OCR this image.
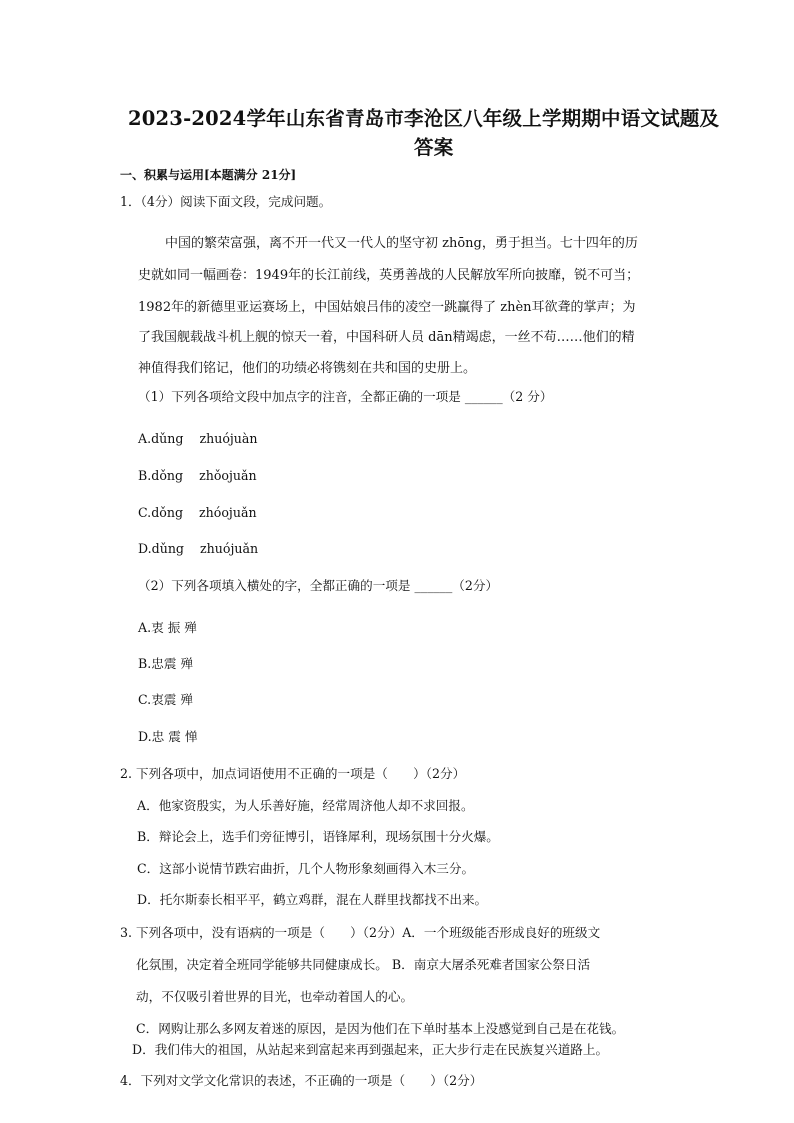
2023-2024学年山东省青岛市李沧区八年级上学期期中语文试题及
答案
一、积累与运用[本题满分 21分]
1．（4分）阅读下面文段，完成问题。
中国的繁荣富强，离不开一代又一代人的坚守初 zhōng，勇于担当。七十四年的历
史就如同一幅画卷：1949年的长江前线，英勇善战的人民解放军所向披靡，锐不可当；
1982年的新德里亚运赛场上，中国姑娘吕伟的凌空一跳赢得了 zhèn耳欲聋的掌声；为
了我国舰载战斗机上舰的惊天一着，中国科研人员 dān精竭虑，一丝不苟……他们的精
神值得我们铭记，他们的功绩必将镌刻在共和国的史册上。
（1）下列各项给文段中加点字的注音，全都正确的一项是 ______（2 分）
A.dǔng    zhuójuàn
B.dǒng    zhǒojuǎn
C.dǒng    zhóojuǎn
D.dǔng    zhuójuǎn
（2）下列各项填入横处的字，全都正确的一项是 ______（2分）
A.衷 振 殚
B.忠震 殚
C.衷震 殚
D.忠 震 惮
2. 下列各项中，加点词语使用不正确的一项是（　　）（2分）
A．他家资殷实，为人乐善好施，经常周济他人却不求回报。
B．辩论会上，选手们旁征博引，语锋犀利，现场氛围十分火爆。
C．这部小说情节跌宕曲折，几个人物形象刻画得入木三分。
D．托尔斯泰长相平平，鹤立鸡群，混在人群里找都找不出来。
3. 下列各项中，没有语病的一项是（　　）（2分）A．一个班级能否形成良好的班级文
化氛围，决定着全班同学能够共同健康成长。 B．南京大屠杀死难者国家公祭日活
动，不仅吸引着世界的目光，也牵动着国人的心。
C．网购让那么多网友着迷的原因，是因为他们在下单时基本上没感觉到自己是在花钱。
D．我们伟大的祖国，从站起来到富起来再到强起来，正大步行走在民族复兴道路上。
4．下列对文学文化常识的表述，不正确的一项是（　　）（2分）
